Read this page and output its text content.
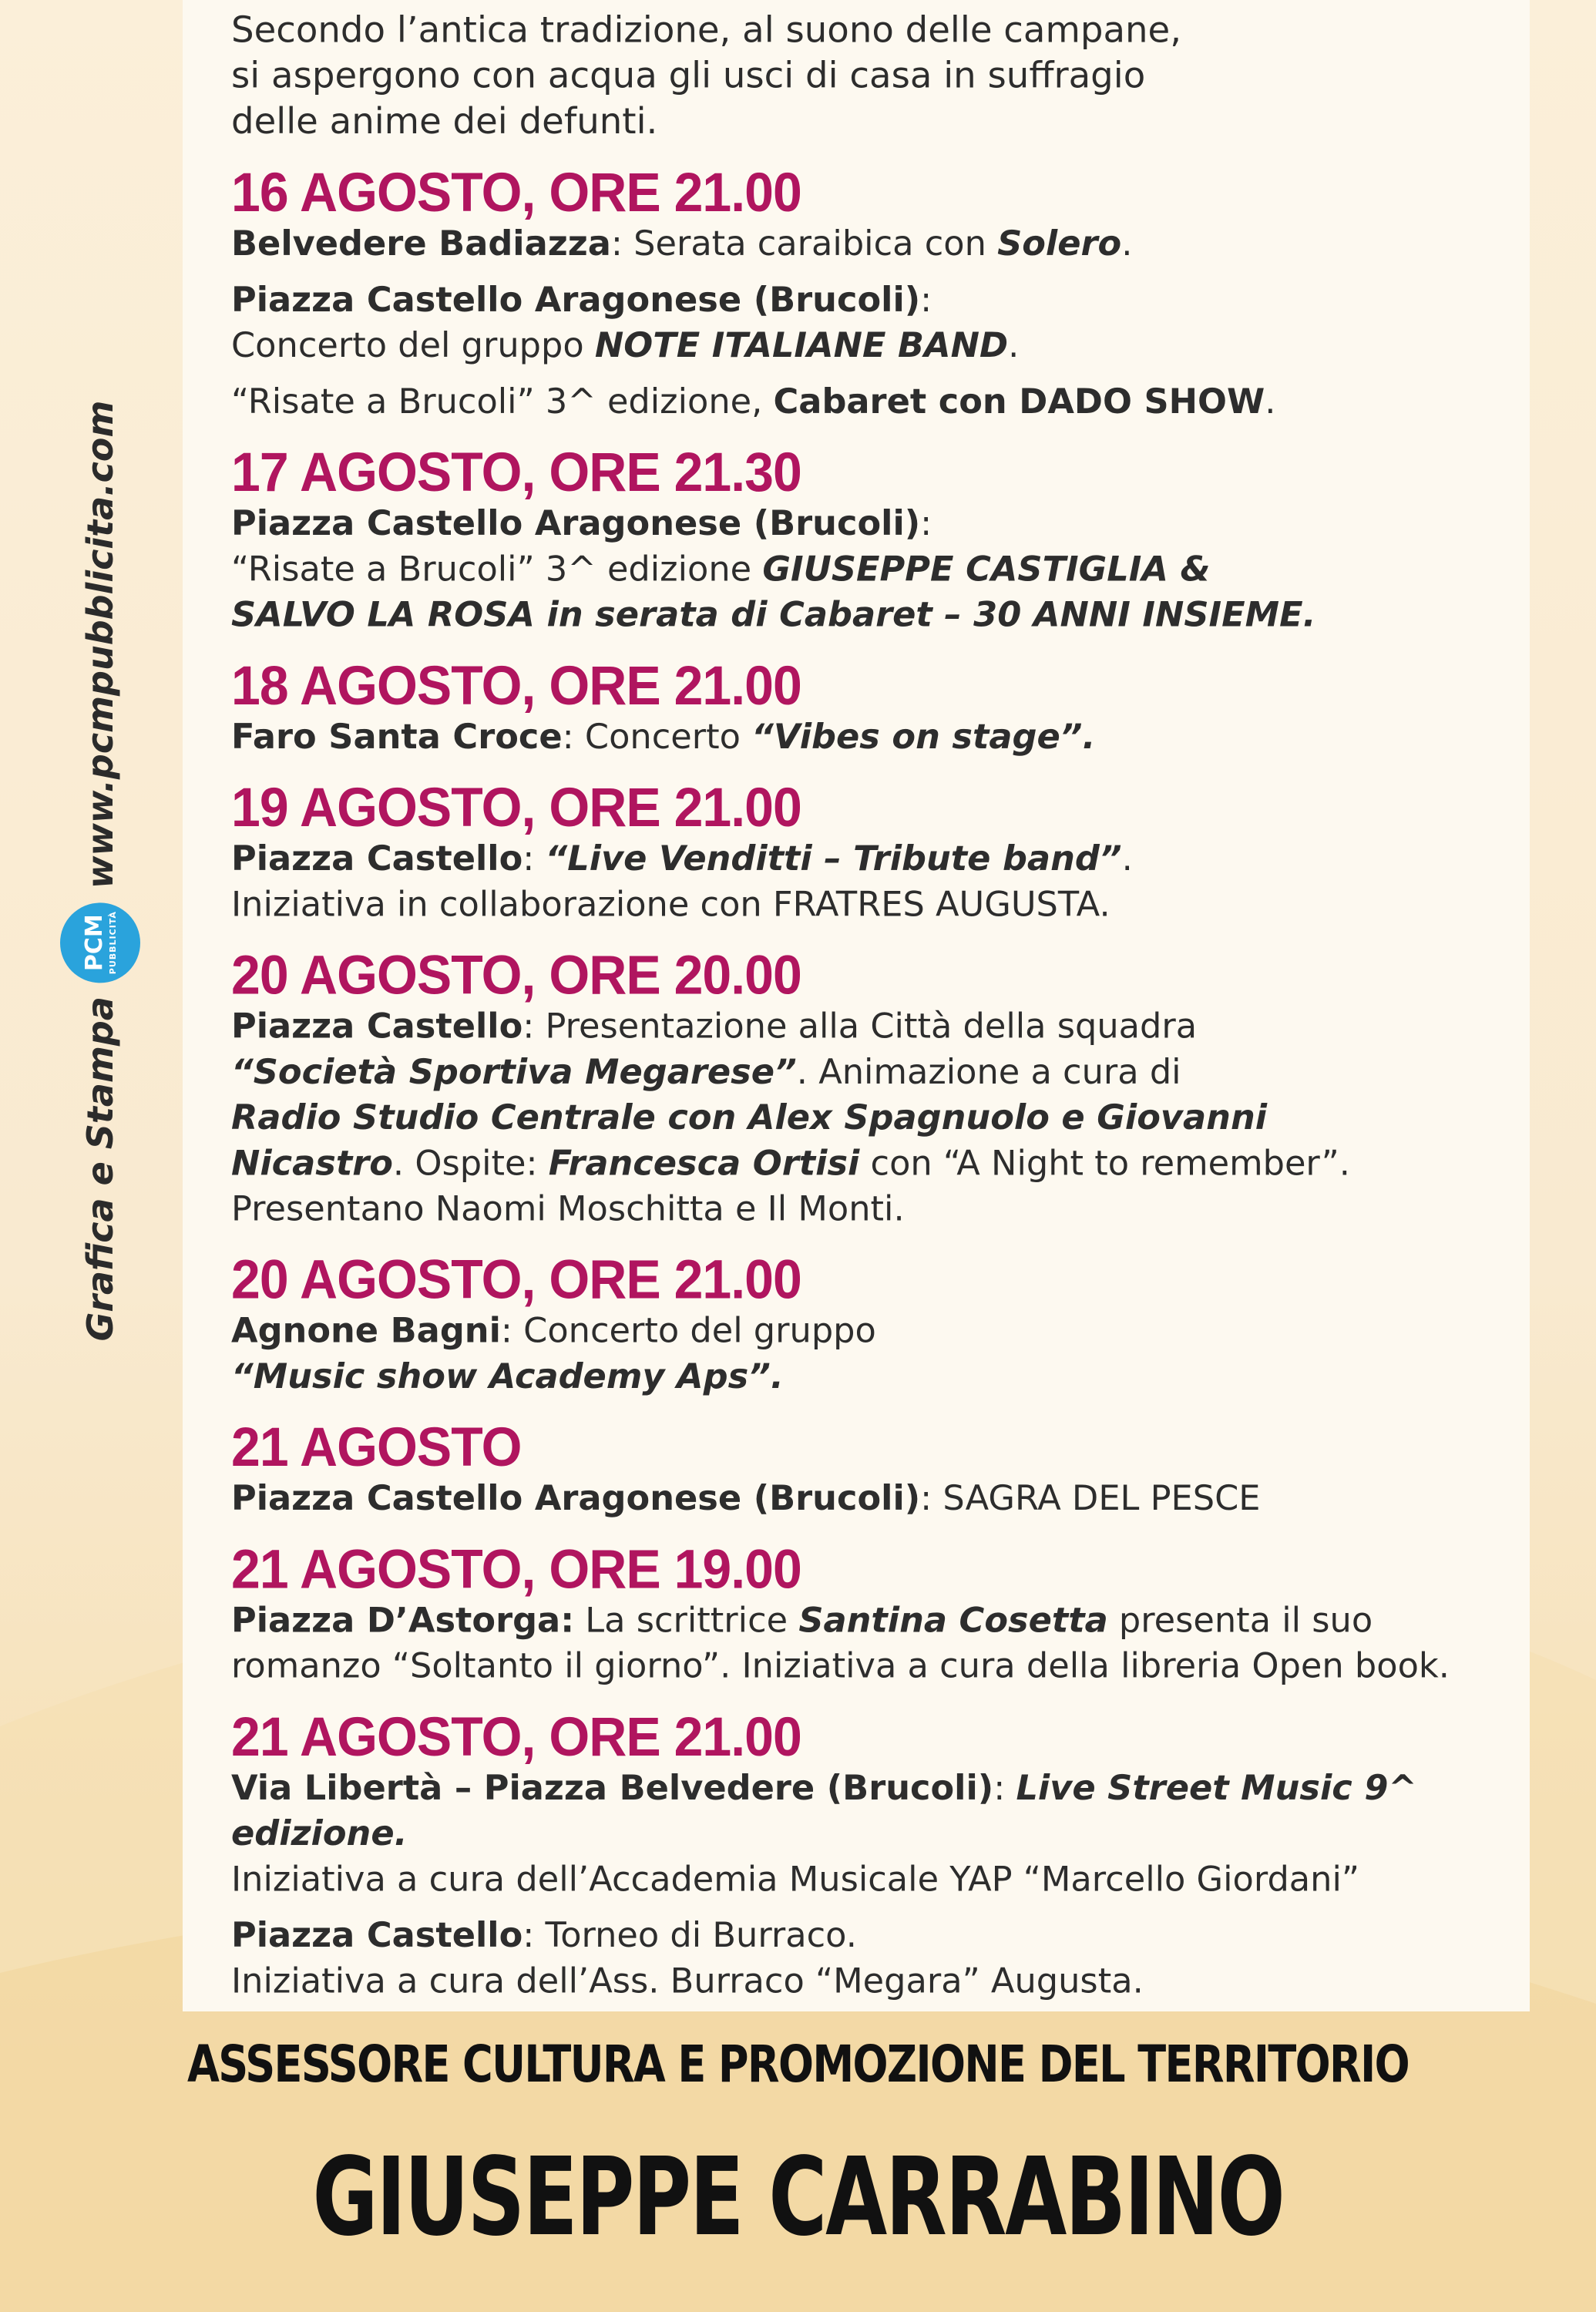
Grafica e Stampa
PCM PUBBLICITÀ
www.pcmpubblicita.com
Secondo l’antica tradizione, al suono delle campane,
si aspergono con acqua gli usci di casa in suffragio
delle anime dei defunti.
16 AGOSTO, ORE 21.00
Belvedere Badiazza: Serata caraibica con Solero.
Piazza Castello Aragonese (Brucoli):
Concerto del gruppo NOTE ITALIANE BAND.
“Risate a Brucoli” 3^ edizione, Cabaret con DADO SHOW.
17 AGOSTO, ORE 21.30
Piazza Castello Aragonese (Brucoli):
“Risate a Brucoli” 3^ edizione GIUSEPPE CASTIGLIA &
SALVO LA ROSA in serata di Cabaret – 30 ANNI INSIEME.
18 AGOSTO, ORE 21.00
Faro Santa Croce: Concerto “Vibes on stage”.
19 AGOSTO, ORE 21.00
Piazza Castello: “Live Venditti – Tribute band”.
Iniziativa in collaborazione con FRATRES AUGUSTA.
20 AGOSTO, ORE 20.00
Piazza Castello: Presentazione alla Città della squadra
“Società Sportiva Megarese”. Animazione a cura di
Radio Studio Centrale con Alex Spagnuolo e Giovanni
Nicastro. Ospite: Francesca Ortisi con “A Night to remember”.
Presentano Naomi Moschitta e Il Monti.
20 AGOSTO, ORE 21.00
Agnone Bagni: Concerto del gruppo
“Music show Academy Aps”.
21 AGOSTO
Piazza Castello Aragonese (Brucoli): SAGRA DEL PESCE
21 AGOSTO, ORE 19.00
Piazza D’Astorga: La scrittrice Santina Cosetta presenta il suo
romanzo “Soltanto il giorno”. Iniziativa a cura della libreria Open book.
21 AGOSTO, ORE 21.00
Via Libertà – Piazza Belvedere (Brucoli): Live Street Music 9^ edizione.
Iniziativa a cura dell’Accademia Musicale YAP “Marcello Giordani”
Piazza Castello: Torneo di Burraco.
Iniziativa a cura dell’Ass. Burraco “Megara” Augusta.
ASSESSORE CULTURA E PROMOZIONE DEL TERRITORIO
GIUSEPPE CARRABINO
